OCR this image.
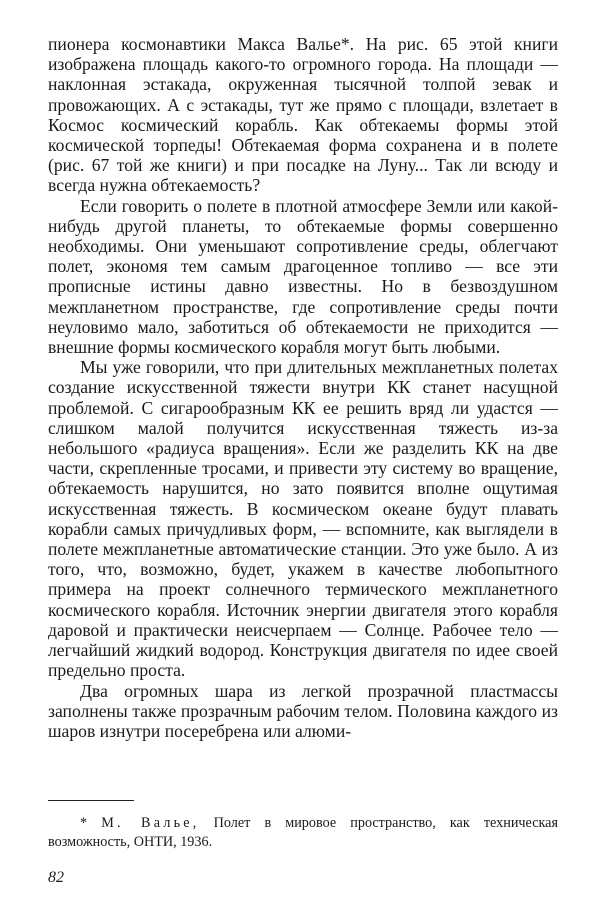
пионера космонавтики Макса Валье*. На рис. 65 этой книги изображена площадь какого-то огромного города. На площади — наклонная эстакада, окруженная тысячной толпой зевак и провожающих. А с эстакады, тут же прямо с площади, взлетает в Космос космический корабль. Как обтекаемы формы этой космической торпеды! Обтекаемая форма сохранена и в полете (рис. 67 той же книги) и при посадке на Луну... Так ли всюду и всегда нужна обтекаемость?

Если говорить о полете в плотной атмосфере Земли или какой-нибудь другой планеты, то обтекаемые формы совершенно необходимы. Они уменьшают сопротивление среды, облегчают полет, экономя тем самым драгоценное топливо — все эти прописные истины давно известны. Но в безвоздушном межпланетном пространстве, где сопротивление среды почти неуловимо мало, заботиться об обтекаемости не приходится — внешние формы космического корабля могут быть любыми.

Мы уже говорили, что при длительных межпланетных полетах создание искусственной тяжести внутри КК станет насущной проблемой. С сигарообразным КК ее решить вряд ли удастся — слишком малой получится искусственная тяжесть из-за небольшого «радиуса вращения». Если же разделить КК на две части, скрепленные тросами, и привести эту систему во вращение, обтекаемость нарушится, но зато появится вполне ощутимая искусственная тяжесть. В космическом океане будут плавать корабли самых причудливых форм, — вспомните, как выглядели в полете межпланетные автоматические станции. Это уже было. А из того, что, возможно, будет, укажем в качестве любопытного примера на проект солнечного термического межпланетного космического корабля. Источник энергии двигателя этого корабля даровой и практически неисчерпаем — Солнце. Рабочее тело — легчайший жидкий водород. Конструкция двигателя по идее своей предельно проста.

Два огромных шара из легкой прозрачной пластмассы заполнены также прозрачным рабочим телом. Половина каждого из шаров изнутри посеребрена или алюми-

* М. Валье, Полет в мировое пространство, как техническая возможность, ОНТИ, 1936.
82
